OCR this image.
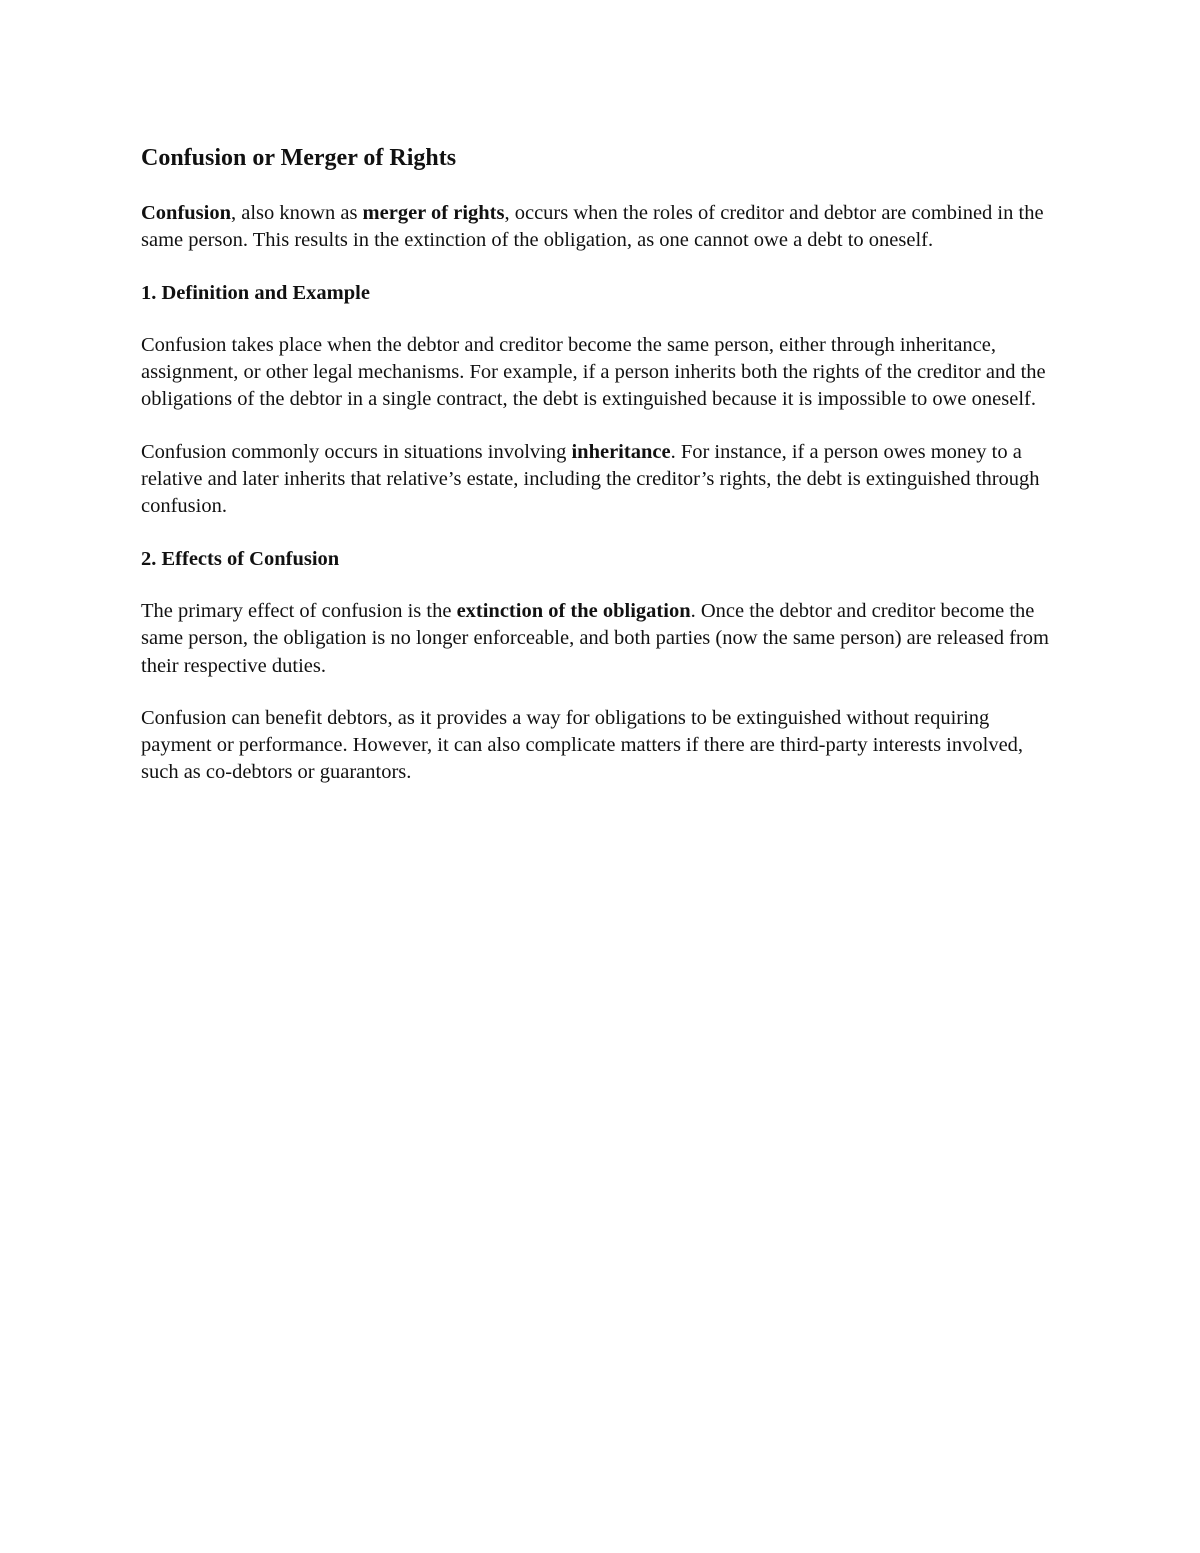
Confusion or Merger of Rights

Confusion, also known as merger of rights, occurs when the roles of creditor and debtor are combined in the same person. This results in the extinction of the obligation, as one cannot owe a debt to oneself.

1. Definition and Example

Confusion takes place when the debtor and creditor become the same person, either through inheritance, assignment, or other legal mechanisms. For example, if a person inherits both the rights of the creditor and the obligations of the debtor in a single contract, the debt is extinguished because it is impossible to owe oneself.

Confusion commonly occurs in situations involving inheritance. For instance, if a person owes money to a relative and later inherits that relative’s estate, including the creditor’s rights, the debt is extinguished through confusion.

2. Effects of Confusion

The primary effect of confusion is the extinction of the obligation. Once the debtor and creditor become the same person, the obligation is no longer enforceable, and both parties (now the same person) are released from their respective duties.

Confusion can benefit debtors, as it provides a way for obligations to be extinguished without requiring payment or performance. However, it can also complicate matters if there are third-party interests involved, such as co-debtors or guarantors.
